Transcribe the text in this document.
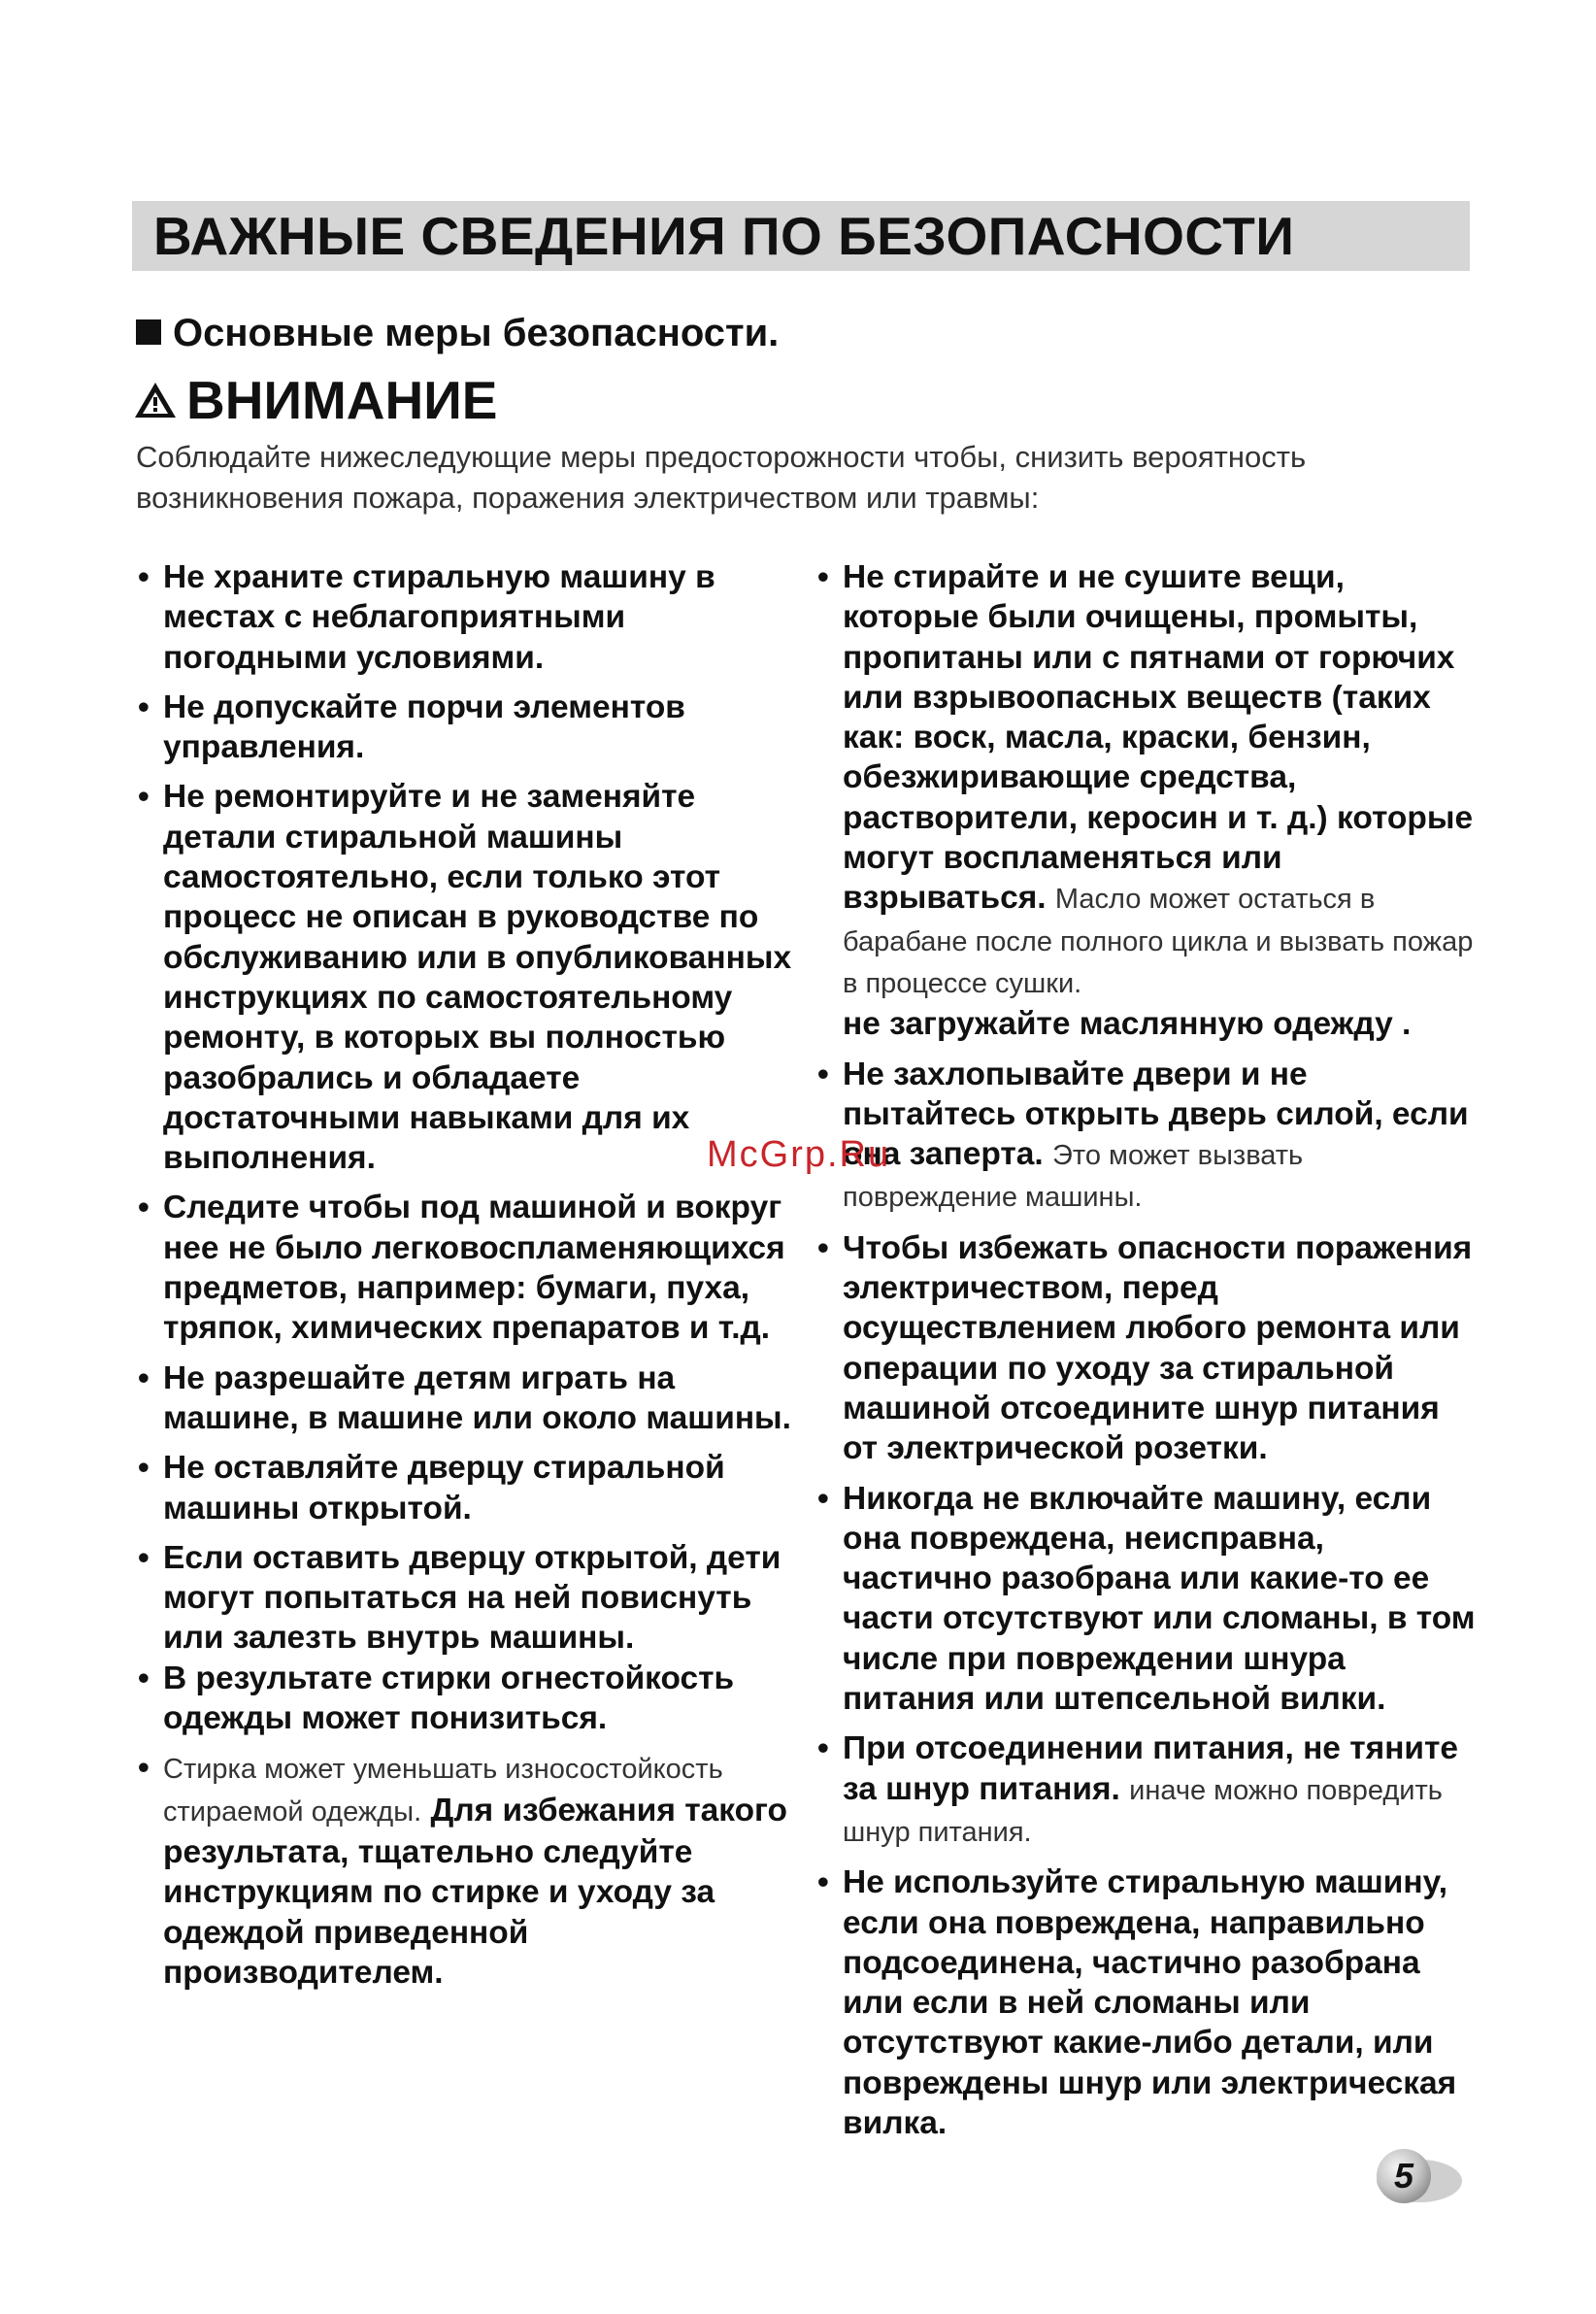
ВАЖНЫЕ СВЕДЕНИЯ ПО БЕЗОПАСНОСТИ
Основные меры безопасности.
ВНИМАНИЕ
Соблюдайте нижеследующие меры предосторожности чтобы, снизить вероятность возникновения пожара, поражения электричеством или травмы:
• Не храните стиральную машину в местах с неблагоприятными погодными условиями.
• Не допускайте порчи элементов управления.
• Не ремонтируйте и не заменяйте детали стиральной машины самостоятельно, если только этот процесс не описан в руководстве по обслуживанию или в опубликованных инструкциях по самостоятельному ремонту, в которых вы полностью разобрались и обладаете достаточными навыками для их выполнения.
• Следите чтобы под машиной и вокруг нее не было легковоспламеняющихся предметов, например: бумаги, пуха, тряпок, химических препаратов и т.д.
• Не разрешайте детям играть на машине, в машине или около машины.
• Не оставляйте дверцу стиральной машины открытой.
• Если оставить дверцу открытой, дети могут попытаться на ней повиснуть или залезть внутрь машины.
• В результате стирки огнестойкость одежды может понизиться.
• Стирка может уменьшать износостойкость стираемой одежды. Для избежания такого результата, тщательно следуйте инструкциям по стирке и уходу за одеждой приведенной производителем.
• Не стирайте и не сушите вещи, которые были очищены, промыты, пропитаны или с пятнами от горючих или взрывоопасных веществ (таких как: воск, масла, краски, бензин, обезжиривающие средства, растворители, керосин и т. д.) которые могут воспламеняться или взрываться. Масло может остаться в барабане после полного цикла и вызвать пожар в процессе сушки.
не загружайте маслянную одежду .
• Не захлопывайте двери и не пытайтесь открыть дверь силой, если она заперта. Это может вызвать повреждение машины.
• Чтобы избежать опасности поражения электричеством, перед осуществлением любого ремонта или операции по уходу за стиральной машиной отсоедините шнур питания от электрической розетки.
• Никогда не включайте машину, если она повреждена, неисправна, частично разобрана или какие-то ее части отсутствуют или сломаны, в том числе при повреждении шнура питания или штепсельной вилки.
• При отсоединении питания, не тяните за шнур питания. иначе можно повредить шнур питания.
• Не используйте стиральную машину, если она повреждена, направильно подсоединена, частично разобрана или если в ней сломаны или отсутствуют какие-либо детали, или повреждены шнур или электрическая вилка.
McGrp.Ru
5
